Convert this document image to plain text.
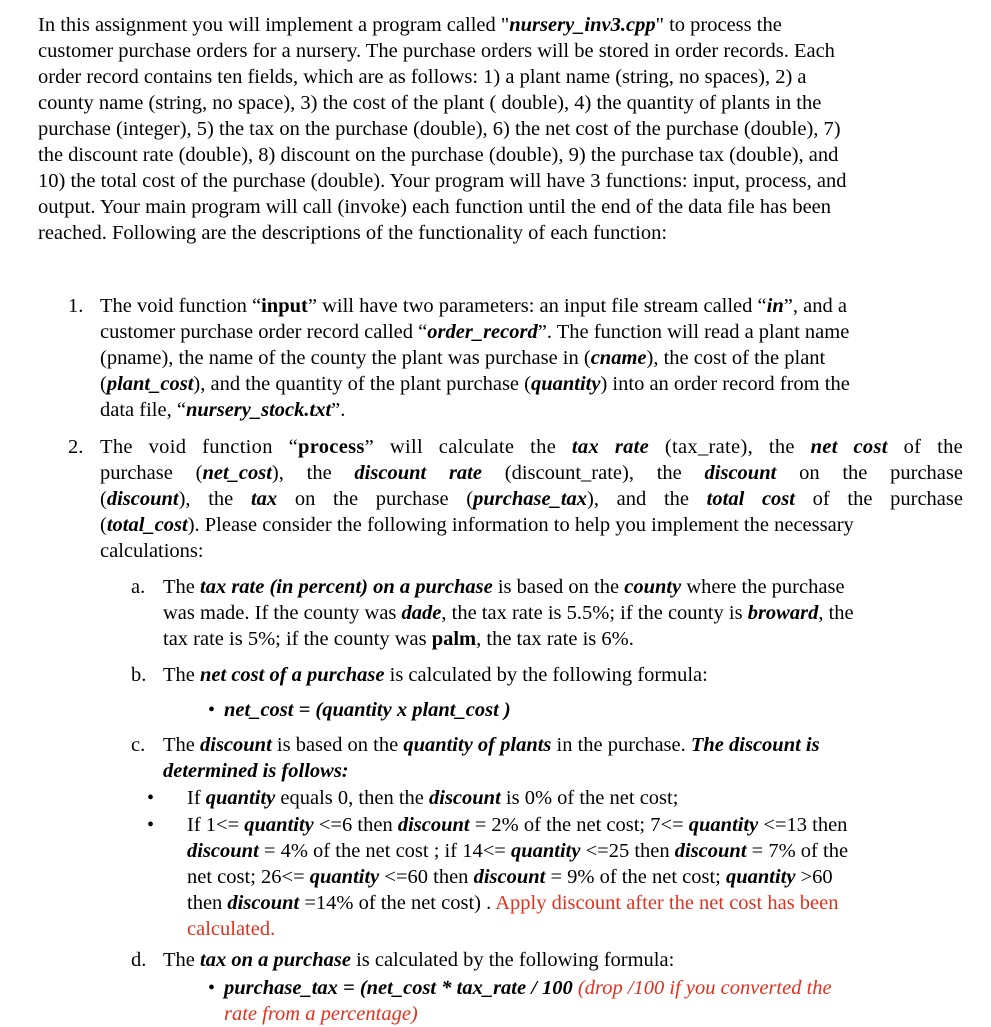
In this assignment you will implement a program called "nursery_inv3.cpp" to process the
customer purchase orders for a nursery. The purchase orders will be stored in order records. Each
order record contains ten fields, which are as follows: 1) a plant name (string, no spaces), 2) a
county name (string, no space), 3) the cost of the plant ( double), 4) the quantity of plants in the
purchase (integer), 5) the tax on the purchase (double), 6) the net cost of the purchase (double), 7)
the discount rate (double), 8) discount on the purchase (double), 9) the purchase tax (double), and
10) the total cost of the purchase (double). Your program will have 3 functions: input, process, and
output. Your main program will call (invoke) each function until the end of the data file has been
reached. Following are the descriptions of the functionality of each function:
1. The void function “input” will have two parameters: an input file stream called “in”, and a
customer purchase order record called “order_record”. The function will read a plant name
(pname), the name of the county the plant was purchase in (cname), the cost of the plant
(plant_cost), and the quantity of the plant purchase (quantity) into an order record from the
data file, “nursery_stock.txt”.
2. The void function “process” will calculate the tax rate (tax_rate), the net cost of the
purchase (net_cost), the discount rate (discount_rate), the discount on the purchase
(discount), the tax on the purchase (purchase_tax), and the total cost of the purchase
(total_cost). Please consider the following information to help you implement the necessary
calculations:
a. The tax rate (in percent) on a purchase is based on the county where the purchase
was made. If the county was dade, the tax rate is 5.5%; if the county is broward, the
tax rate is 5%; if the county was palm, the tax rate is 6%.
b. The net cost of a purchase is calculated by the following formula:
• net_cost = (quantity x plant_cost )
c. The discount is based on the quantity of plants in the purchase. The discount is
determined is follows:
• If quantity equals 0, then the discount is 0% of the net cost;
• If 1<= quantity <=6 then discount = 2% of the net cost; 7<= quantity <=13 then
discount = 4% of the net cost ; if 14<= quantity <=25 then discount = 7% of the
net cost; 26<= quantity <=60 then discount = 9% of the net cost; quantity >60
then discount =14% of the net cost) . Apply discount after the net cost has been
calculated.
d. The tax on a purchase is calculated by the following formula:
• purchase_tax = (net_cost * tax_rate / 100 (drop /100 if you converted the
rate from a percentage)
